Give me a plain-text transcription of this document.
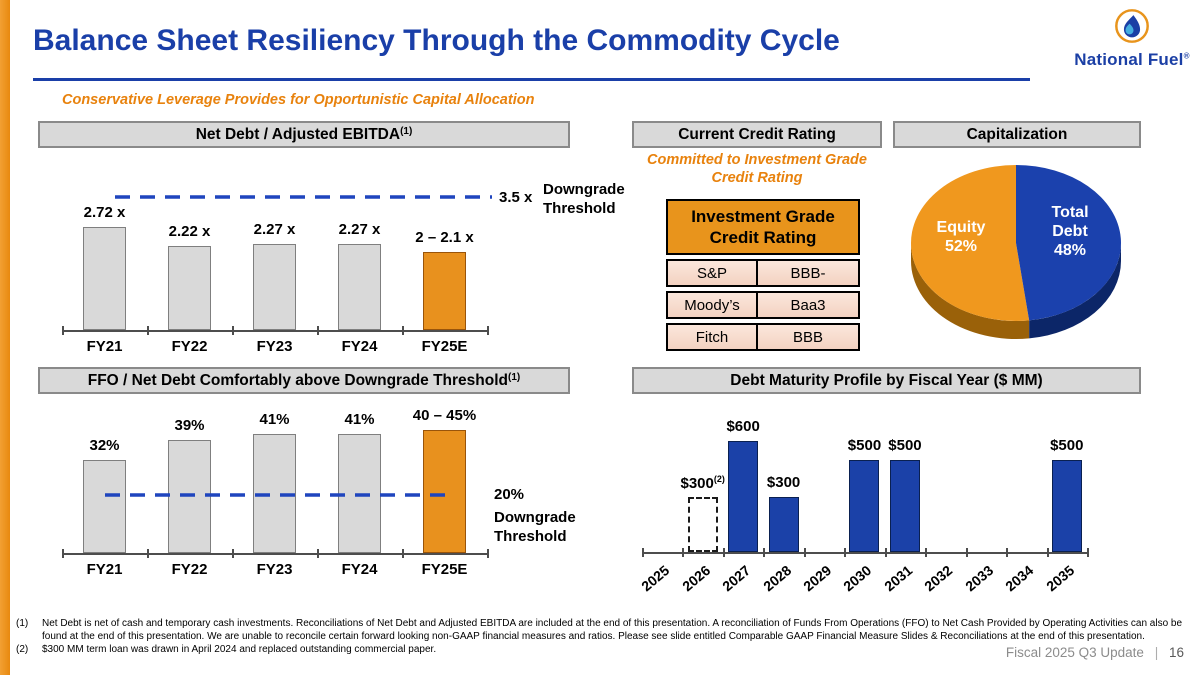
Balance Sheet Resiliency Through the Commodity Cycle
Conservative Leverage Provides for Opportunistic Capital Allocation
National Fuel®
Net Debt / Adjusted EBITDA$^{(1)}$	Current Credit Rating	Capitalization
FFO / Net Debt Comfortably above Downgrade Threshold$^{(1)}$	Debt Maturity Profile by Fiscal Year ($ MM)
2.72 x
2.22 x	2.27 x	2.27 x 2 – 2.1 x
FY21	FY22	FY23	FY24	FY25E
3.5 x Downgrade Threshold
32%
39%	41%	41%	40 – 45%
FY21	FY22	FY23	FY24	FY25E
20%
Downgrade Threshold
Committed to Investment Grade Credit Rating
Investment Grade Credit Rating
S&P	BBB-
Moody’s	Baa3
Fitch	BBB
Equity
52%
Total
Debt
48%
$300$^{(2)}$
$600
$300
$500 $500	$500
2025 2026 2027 2028 2029 2030 2031 2032 2033 2034 2035
(1)	Net Debt is net of cash and temporary cash investments. Reconciliations of Net Debt and Adjusted EBITDA are included at the end of this presentation. A reconciliation of Funds From Operations (FFO) to Net Cash Provided by Operating Activities can also be found at the end of this presentation. We are unable to reconcile certain forward looking non-GAAP financial measures and ratios. Please see slide entitled Comparable GAAP Financial Measure Slides & Reconciliations at the end of this presentation.
(2)	$300 MM term loan was drawn in April 2024 and replaced outstanding commercial paper.	Fiscal 2025 Q3 Update | 16
